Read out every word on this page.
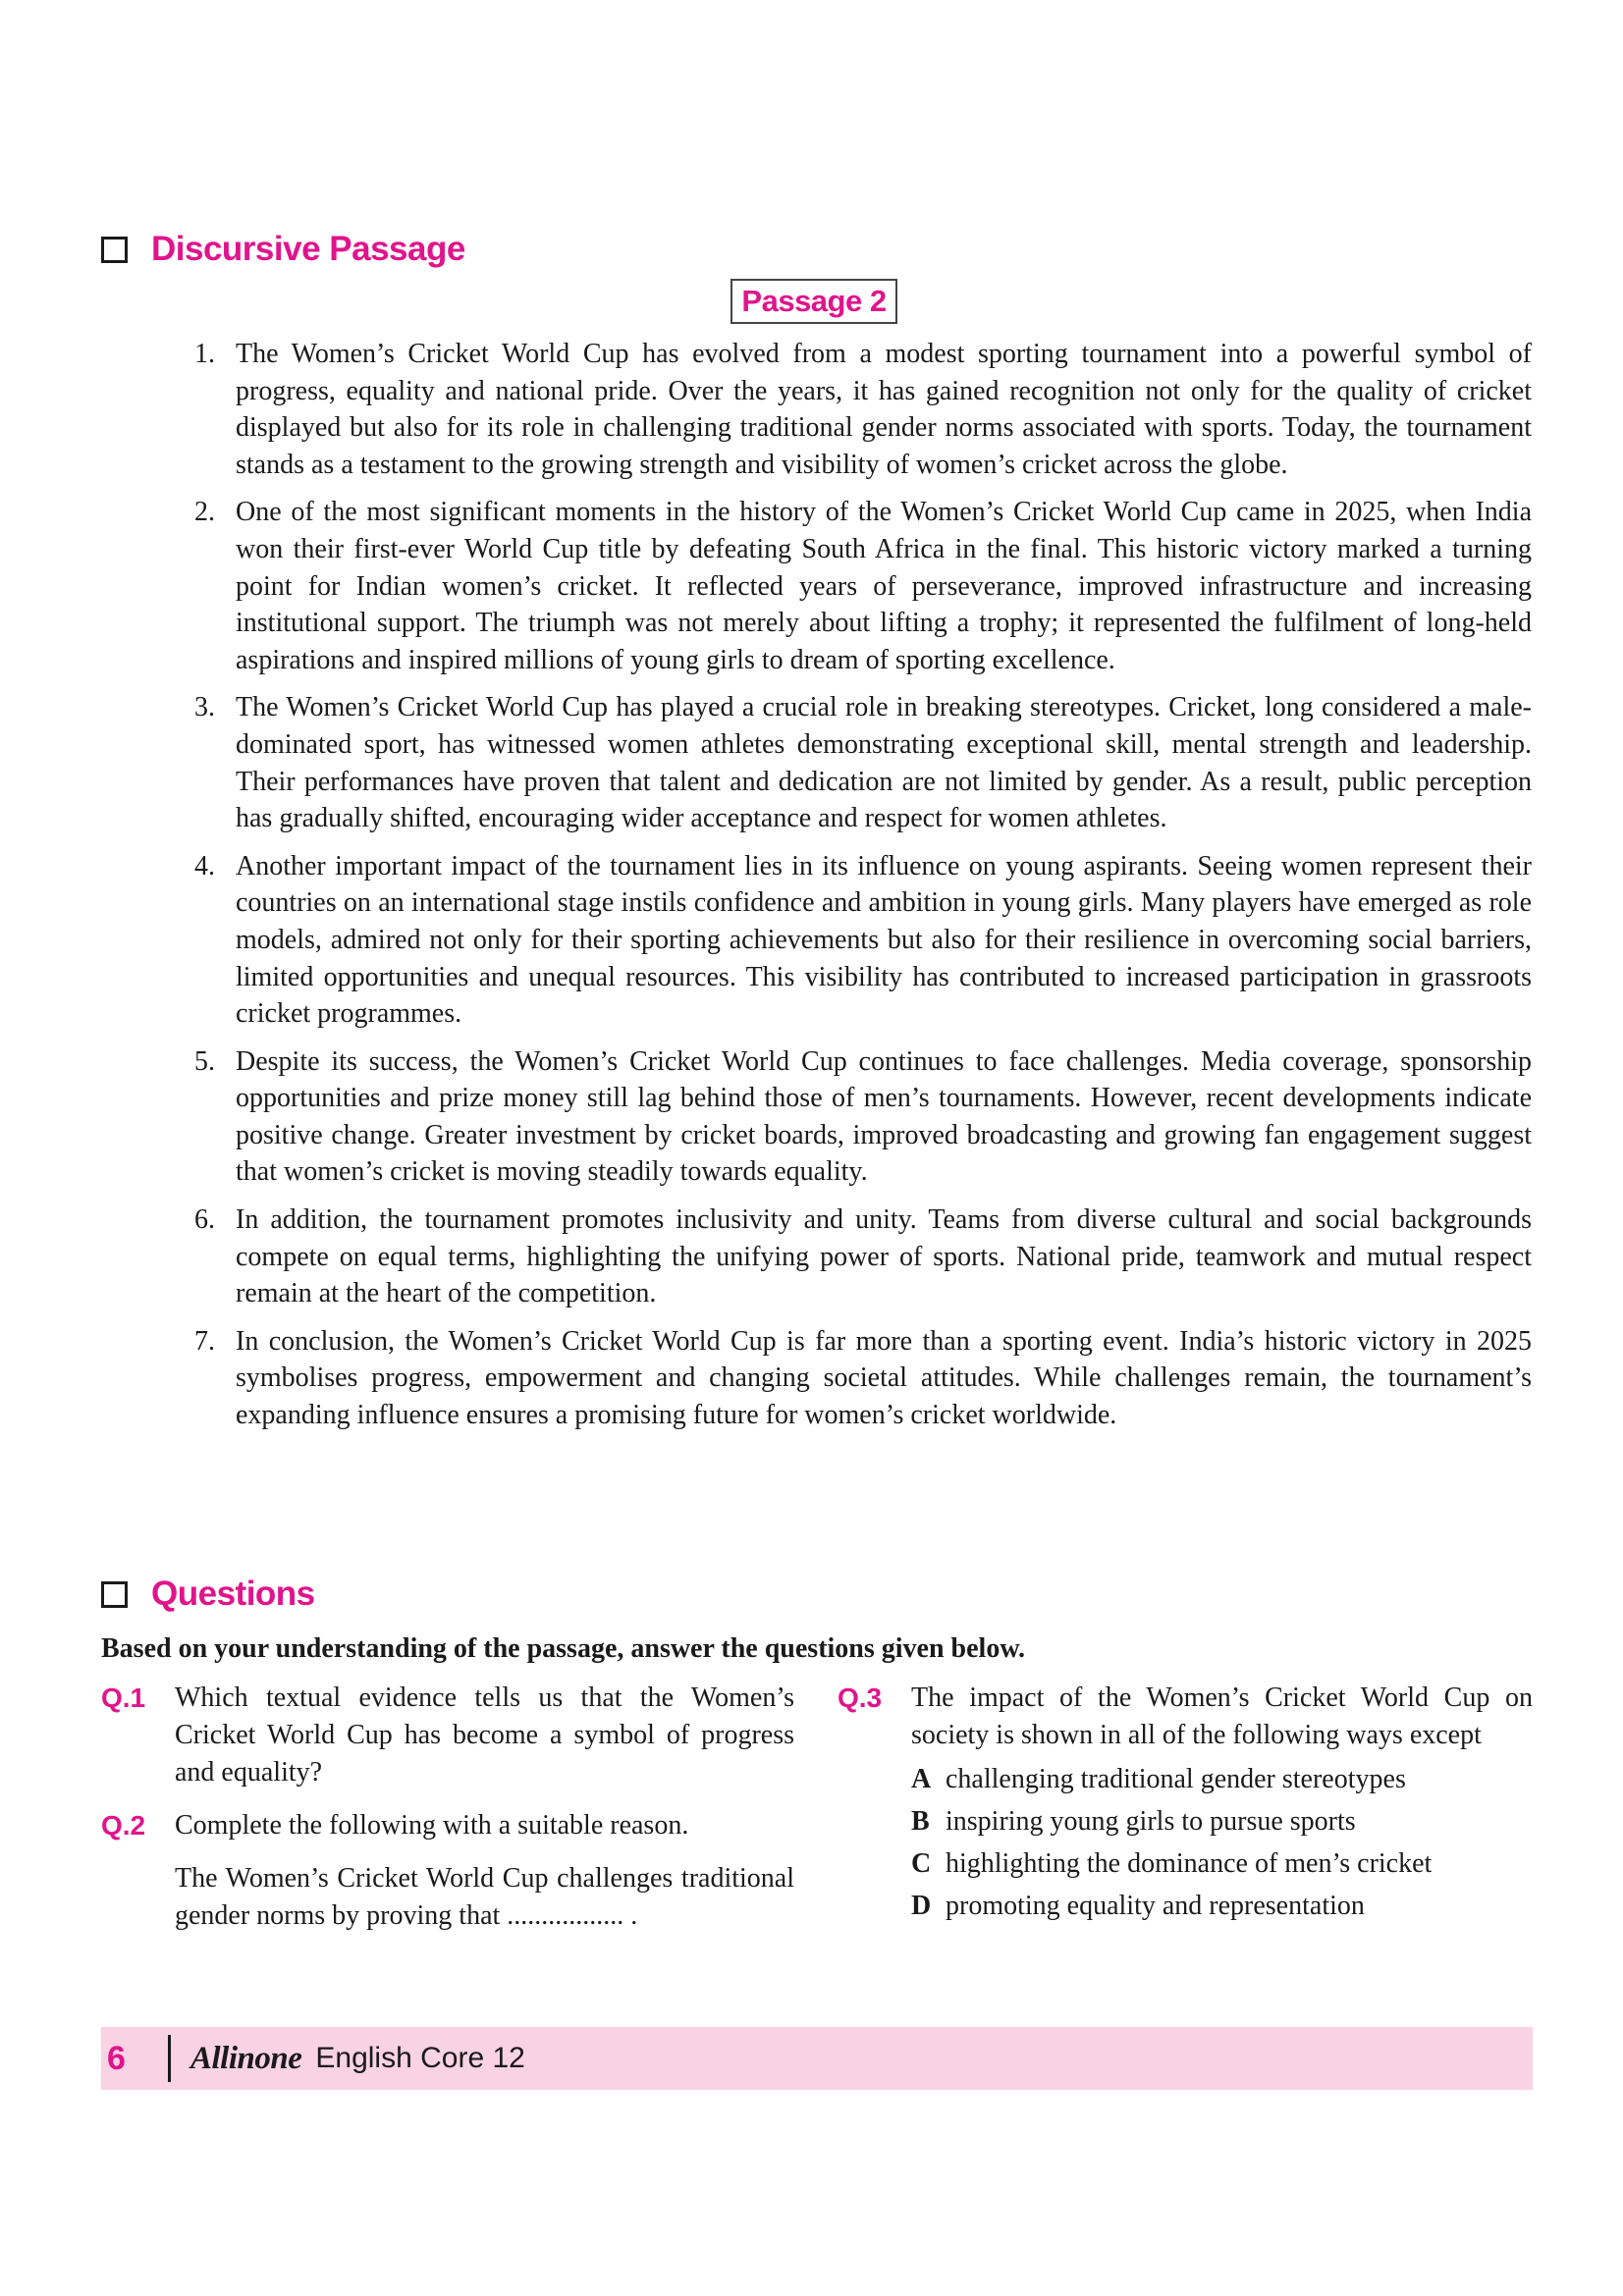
Discursive Passage
Passage 2
1. The Women’s Cricket World Cup has evolved from a modest sporting tournament into a powerful symbol of progress, equality and national pride. Over the years, it has gained recognition not only for the quality of cricket displayed but also for its role in challenging traditional gender norms associated with sports. Today, the tournament stands as a testament to the growing strength and visibility of women’s cricket across the globe.
2. One of the most significant moments in the history of the Women’s Cricket World Cup came in 2025, when India won their first-ever World Cup title by defeating South Africa in the final. This historic victory marked a turning point for Indian women’s cricket. It reflected years of perseverance, improved infrastructure and increasing institutional support. The triumph was not merely about lifting a trophy; it represented the fulfilment of long-held aspirations and inspired millions of young girls to dream of sporting excellence.
3. The Women’s Cricket World Cup has played a crucial role in breaking stereotypes. Cricket, long considered a male-dominated sport, has witnessed women athletes demonstrating exceptional skill, mental strength and leadership. Their performances have proven that talent and dedication are not limited by gender. As a result, public perception has gradually shifted, encouraging wider acceptance and respect for women athletes.
4. Another important impact of the tournament lies in its influence on young aspirants. Seeing women represent their countries on an international stage instils confidence and ambition in young girls. Many players have emerged as role models, admired not only for their sporting achievements but also for their resilience in overcoming social barriers, limited opportunities and unequal resources. This visibility has contributed to increased participation in grassroots cricket programmes.
5. Despite its success, the Women’s Cricket World Cup continues to face challenges. Media coverage, sponsorship opportunities and prize money still lag behind those of men’s tournaments. However, recent developments indicate positive change. Greater investment by cricket boards, improved broadcasting and growing fan engagement suggest that women’s cricket is moving steadily towards equality.
6. In addition, the tournament promotes inclusivity and unity. Teams from diverse cultural and social backgrounds compete on equal terms, highlighting the unifying power of sports. National pride, teamwork and mutual respect remain at the heart of the competition.
7. In conclusion, the Women’s Cricket World Cup is far more than a sporting event. India’s historic victory in 2025 symbolises progress, empowerment and changing societal attitudes. While challenges remain, the tournament’s expanding influence ensures a promising future for women’s cricket worldwide.
Questions
Based on your understanding of the passage, answer the questions given below.
Q.1 Which textual evidence tells us that the Women’s Cricket World Cup has become a symbol of progress and equality?
Q.2 Complete the following with a suitable reason.
The Women’s Cricket World Cup challenges traditional gender norms by proving that ................. .
Q.3 The impact of the Women’s Cricket World Cup on society is shown in all of the following ways except
A challenging traditional gender stereotypes
B inspiring young girls to pursue sports
C highlighting the dominance of men’s cricket
D promoting equality and representation
6	Allinone English Core 12
